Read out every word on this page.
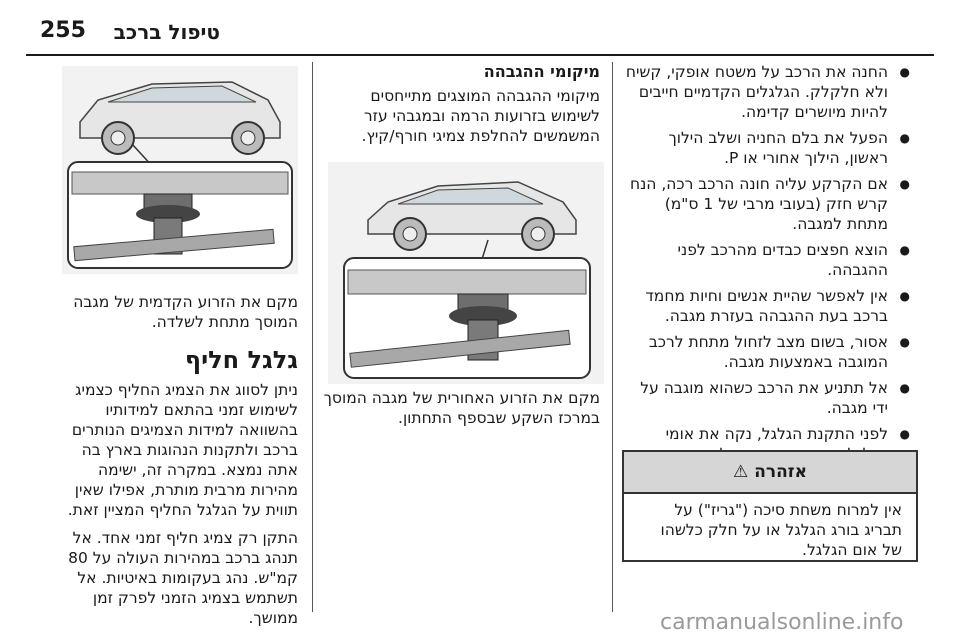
255 טיפול ברכב
● החנה את הרכב על משטח אופקי, קשיח ולא חלקלק. הגלגלים הקדמיים חייבים להיות מיושרים קדימה.
● הפעל את בלם החניה ושלב הילוך ראשון, הילוך אחורי או P.
● אם הקרקע עליה חונה הרכב רכה, הנח קרש חזק (בעובי מרבי של 1 ס"מ) מתחת למגבה.
● הוצא חפצים כבדים מהרכב לפני ההגבהה.
● אין לאפשר שהיית אנשים וחיות מחמד ברכב בעת ההגבהה בעזרת מגבה.
● אסור, בשום מצב לזחול מתחת לרכב המוגבה באמצעות מגבה.
● אל תתניע את הרכב כשהוא מוגבה על ידי מגבה.
● לפני התקנת הגלגל, נקה את אומי
אזהרה ⚠
אין למרוח משחת סיכה ("גריז") על תבריג בורג הגלגל או על חלק כלשהו של אום הגלגל.
מיקומי ההגבהה

מיקומי ההגבהה המוצגים מתייחסים לשימוש בזרועות הרמה ובמגבהי עזר המשמשים להחלפת צמיגי חורף/קיץ.

מקם את הזרוע האחורית של מגבה המוסך במרכז השקע שבספף התחתון.

מקם את הזרוע הקדמית של מגבה המוסך מתחת לשלדה.

גלגל חליף

ניתן לסווג את הצמיג החליף כצמיג לשימוש זמני בהתאם למידותיו בהשוואה למידות הצמיגים הנותרים ברכב ולתקנות הנהוגות בארץ בה אתה נמצא. במקרה זה, ישימה מהירות מרבית מותרת, אפילו שאין תווית על הגלגל החליף המציין זאת.

התקן רק צמיג חליף זמני אחד. אל תנהג ברכב במהירות העולה על 80 קמ"ש. נהג בעקומות באיטיות. אל תשתמש בצמיג הזמני לפרק זמן ממושך.	carmanualsonline.info
